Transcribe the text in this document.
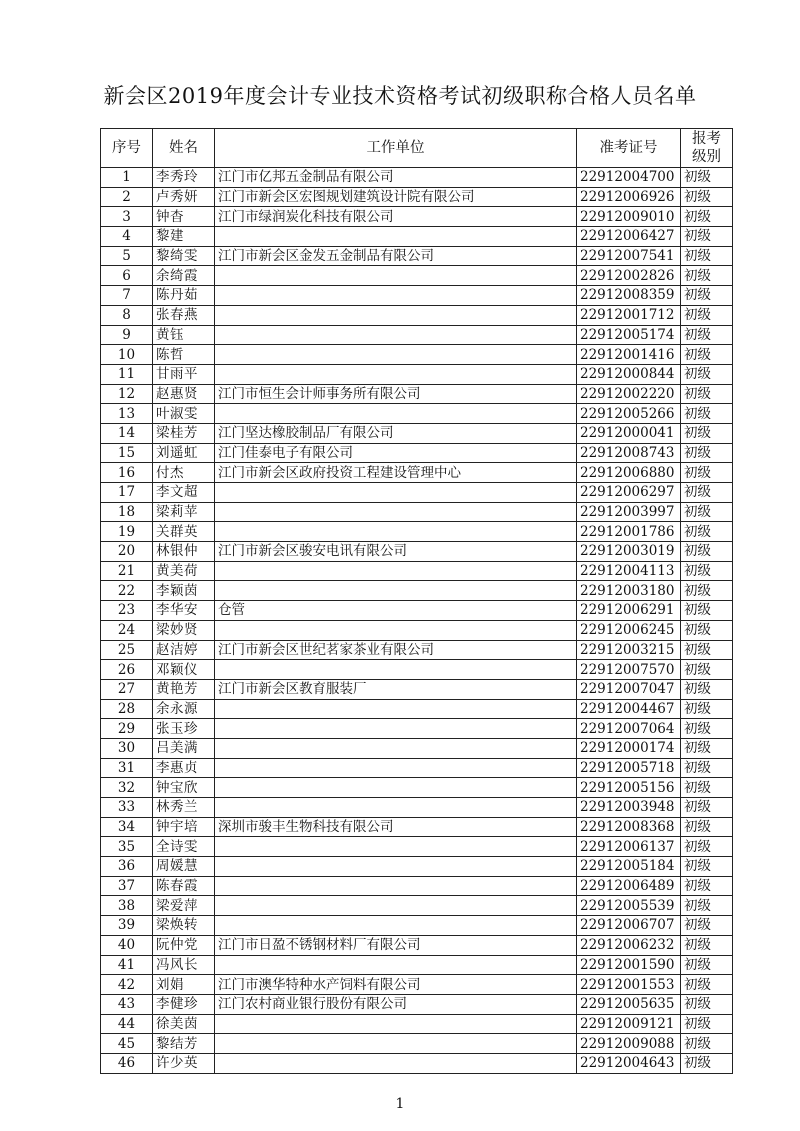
新会区2019年度会计专业技术资格考试初级职称合格人员名单
序号	姓名	工作单位	准考证号	报考
级别

1	李秀玲	江门市亿邦五金制品有限公司	22912004700	初级
2	卢秀妍	江门市新会区宏图规划建筑设计院有限公司	22912006926	初级
3	钟杳	江门市绿润炭化科技有限公司	22912009010	初级
4	黎建		22912006427	初级
5	黎绮雯	江门市新会区金发五金制品有限公司	22912007541	初级
6	余绮霞		22912002826	初级
7	陈丹茹		22912008359	初级
8	张春燕		22912001712	初级
9	黄钰		22912005174	初级
10	陈哲		22912001416	初级
11	甘雨平		22912000844	初级
12	赵惠贤	江门市恒生会计师事务所有限公司	22912002220	初级
13	叶淑雯		22912005266	初级
14	梁桂芳	江门坚达橡胶制品厂有限公司	22912000041	初级
15	刘遥虹	江门佳泰电子有限公司	22912008743	初级
16	付杰	江门市新会区政府投资工程建设管理中心	22912006880	初级
17	李文超		22912006297	初级
18	梁莉苹		22912003997	初级
19	关群英		22912001786	初级
20	林银仲	江门市新会区骏安电讯有限公司	22912003019	初级
21	黄美荷		22912004113	初级
22	李颖茵		22912003180	初级
23	李华安	仓管	22912006291	初级
24	梁妙贤		22912006245	初级
25	赵洁婷	江门市新会区世纪茗家茶业有限公司	22912003215	初级
26	邓颖仪		22912007570	初级
27	黄艳芳	江门市新会区教育服装厂	22912007047	初级
28	余永源		22912004467	初级
29	张玉珍		22912007064	初级
30	吕美满		22912000174	初级
31	李惠贞		22912005718	初级
32	钟宝欣		22912005156	初级
33	林秀兰		22912003948	初级
34	钟宇培	深圳市骏丰生物科技有限公司	22912008368	初级
35	全诗雯		22912006137	初级
36	周媛慧		22912005184	初级
37	陈春霞		22912006489	初级
38	梁爱萍		22912005539	初级
39	梁焕转		22912006707	初级
40	阮仲党	江门市日盈不锈钢材料厂有限公司	22912006232	初级
41	冯风长		22912001590	初级
42	刘娟	江门市澳华特种水产饲料有限公司	22912001553	初级
43	李健珍	江门农村商业银行股份有限公司	22912005635	初级
44	徐美茵		22912009121	初级
45	黎结芳		22912009088	初级
46	许少英		22912004643	初级
1
